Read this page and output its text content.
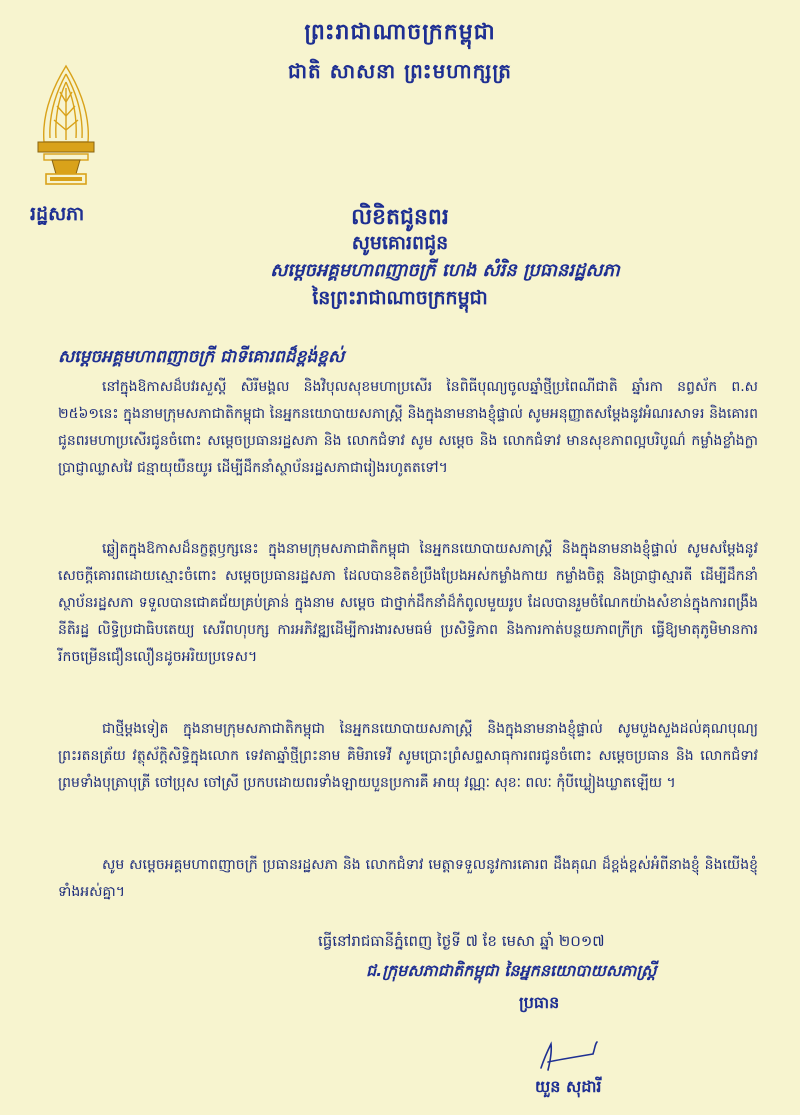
ព្រះរាជាណាចក្រកម្ពុជា
ជាតិ សាសនា ព្រះមហាក្សត្រ
រដ្ឋសភា	លិខិតជូនពរ
សូមគោរពជូន
សម្តេចអគ្គមហាពញាចក្រី ហេង សំរិន ប្រធានរដ្ឋសភា
នៃព្រះរាជាណាចក្រកម្ពុជា
សម្តេចអគ្គមហាពញាចក្រី ជាទីគោរពដ៏ខ្ពង់ខ្ពស់

នៅក្នុងឱកាសដ៏បវរសួស្តី សិរីមង្គល និងវិបុលសុខមហាប្រសើរ នៃពិធីបុណ្យចូលឆ្នាំថ្មីប្រពៃណីជាតិ ឆ្នាំរកា នព្វស័ក ព.ស ២៥៦១នេះ ក្នុងនាមក្រុមសភាជាតិកម្ពុជា នៃអ្នកនយោបាយសភាស្ត្រី និងក្នុងនាមនាងខ្ញុំផ្ទាល់ សូមអនុញ្ញាតសម្តែងនូវអំណរសាទរ និងគោរពជូនពរមហាប្រសើរជូនចំពោះ សម្តេចប្រធានរដ្ឋសភា និង លោកជំទាវ សូម សម្តេច និង លោកជំទាវ មានសុខភាពល្អបរិបូណ៌ កម្លាំងខ្លាំងក្លា ប្រាជ្ញាឈ្លាសវៃ ជន្មាយុយឺនយូរ ដើម្បីដឹកនាំស្ថាប័នរដ្ឋសភាជារៀងរហូតតទៅ។

ឆ្លៀតក្នុងឱកាសដ៏នក្ខត្តឫក្សនេះ ក្នុងនាមក្រុមសភាជាតិកម្ពុជា នៃអ្នកនយោបាយសភាស្ត្រី និងក្នុងនាមនាងខ្ញុំផ្ទាល់ សូមសម្តែងនូវសេចក្តីគោរពដោយស្មោះចំពោះ សម្តេចប្រធានរដ្ឋសភា ដែលបានខិតខំប្រឹងប្រែងអស់កម្លាំងកាយ កម្លាំងចិត្ត និងប្រាជ្ញាស្មារតី ដើម្បីដឹកនាំស្ថាប័នរដ្ឋសភា ទទួលបានជោគជ័យគ្រប់គ្រាន់ ក្នុងនាម សម្តេច ជាថ្នាក់ដឹកនាំដ៏កំពូលមួយរូប ដែលបានរួមចំណែកយ៉ាងសំខាន់ក្នុងការពង្រឹងនីតិរដ្ឋ លិទ្ធិប្រជាធិបតេយ្យ សេរីពហុបក្ស ការអភិវឌ្ឍដើម្បីការងារសមធម៌ ប្រសិទ្ធិភាព និងការកាត់បន្ថយភាពក្រីក្រ ធ្វើឱ្យមាតុភូមិមានការរីកចម្រើនជឿនលឿនដូចអរិយប្រទេស។

ជាថ្មីម្តងទៀត ក្នុងនាមក្រុមសភាជាតិកម្ពុជា នៃអ្នកនយោបាយសភាស្ត្រី និងក្នុងនាមនាងខ្ញុំផ្ទាល់ សូមបួងសួងដល់គុណបុណ្យព្រះរតនត្រ័យ វត្ថុស័ក្តិសិទ្ធិក្នុងលោក ទេវតាឆ្នាំថ្មីព្រះនាម គិមិរាទេវី សូមប្រោះព្រំសព្ទសាធុការពរជូនចំពោះ សម្តេចប្រធាន និង លោកជំទាវ ព្រមទាំងបុត្រាបុត្រី ចៅប្រុស ចៅស្រី ប្រកបដោយពរទាំងឡាយបួនប្រការគឺ អាយុ វណ្ណៈ សុខៈ ពលៈ កុំបីឃ្លៀងឃ្លាតឡើយ ។

សូម សម្តេចអគ្គមហាពញាចក្រី ប្រធានរដ្ឋសភា និង លោកជំទាវ មេត្តាទទួលនូវការគោរព ដឹងគុណ ដ៏ខ្ពង់ខ្ពស់អំពីនាងខ្ញុំ និងយើងខ្ញុំទាំងអស់គ្នា។

ធ្វើនៅរាជធានីភ្នំពេញ ថ្ងៃទី ៧ ខែ មេសា ឆ្នាំ ២០១៧
ជ.ក្រុមសភាជាតិកម្ពុជា នៃអ្នកនយោបាយសភាស្ត្រី
ប្រធាន
យួន សុដារី
